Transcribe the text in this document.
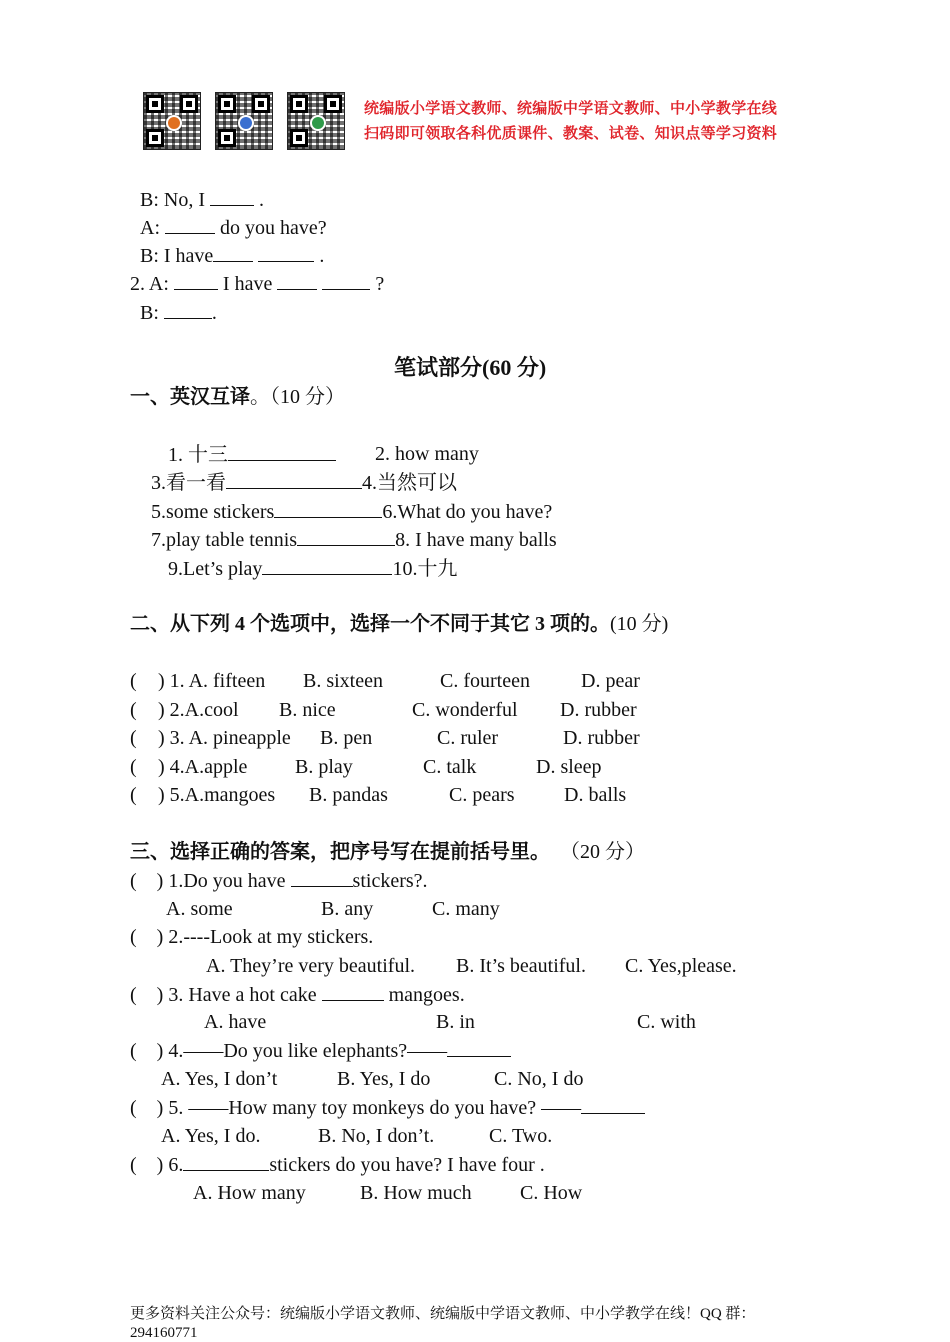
统编版小学语文教师、统编版中学语文教师、中小学教学在线
扫码即可领取各科优质课件、教案、试卷、知识点等学习资料
B: No, I	.
A:	do you have?
B: I have	.
2. A:	I have	?
B:	.
笔试部分(60 分)
一、英汉互译。（10 分）
1. 十三	2. how many
3.看一看	4.当然可以
5.some stickers	6.What do you have?
7.play table tennis	8. I have many balls
9.Let’s play	10.十九
二、从下列 4 个选项中，选择一个不同于其它 3 项的。(10 分)
( ) 1. A. fifteen B. sixteen	C. fourteen	D. pear
( ) 2.A.cool B. nice	C. wonderful D. rubber
( ) 3. A. pineapple B. pen	C. ruler	D. rubber
( ) 4.A.apple B. play	C. talk	D. sleep
( ) 5.A.mangoes B. pandas	C. pears D. balls
三、选择正确的答案，把序号写在提前括号里。 （20 分）
( ) 1.Do you have	stickers?.
A. some	B. any	C. many
( ) 2.----Look at my stickers.
A. They’re very beautiful. B. It’s beautiful. C. Yes,please.
( ) 3. Have a hot cake	mangoes.
A. have	B. in	C. with
( ) 4.——Do you like elephants?——
A. Yes, I don’t	B. Yes, I do	C. No, I do
( ) 5. ——How many toy monkeys do you have? ——
A. Yes, I do.	B. No, I don’t.	C. Two.
( ) 6.	stickers do you have? I have four .
A. How many	B. How much C. How
更多资料关注公众号：统编版小学语文教师、统编版中学语文教师、中小学教学在线！QQ 群：
294160771
